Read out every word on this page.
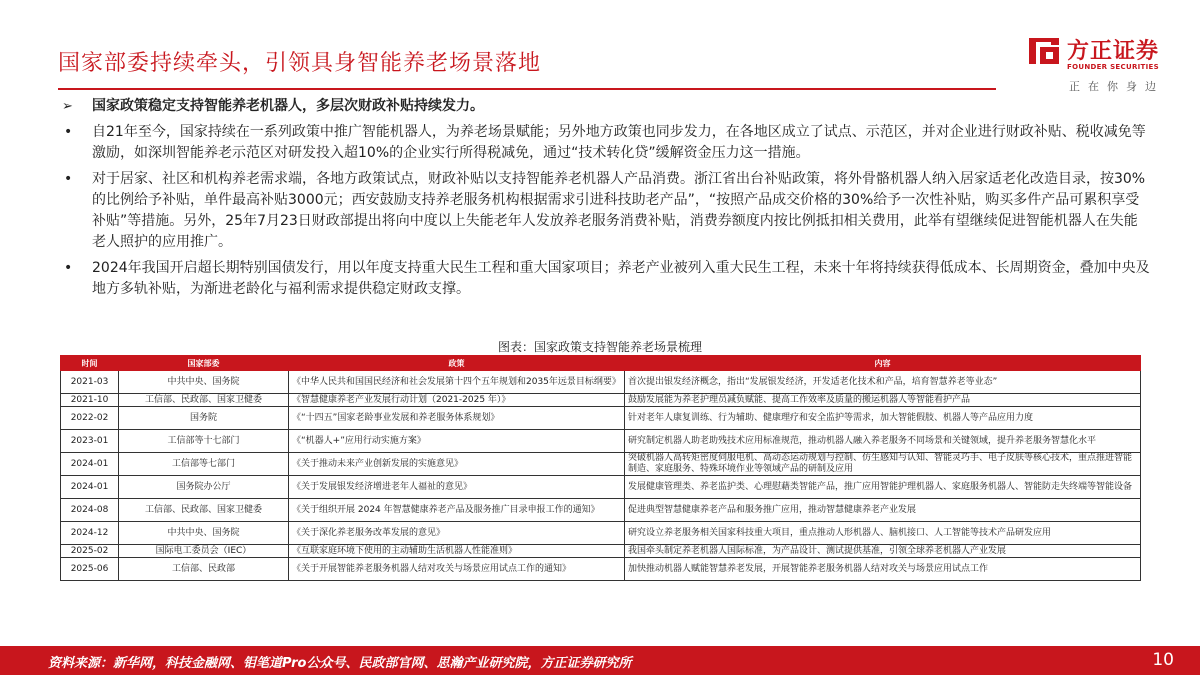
国家部委持续牵头，引领具身智能养老场景落地	方正证券
FOUNDER SECURITIES
正在你身边
➢ 国家政策稳定支持智能养老机器人，多层次财政补贴持续发力。
• 自21年至今，国家持续在一系列政策中推广智能机器人，为养老场景赋能；另外地方政策也同步发力，在各地区成立了试点、示范区，并对企业进行财政补贴、税收减免等激励，如深圳智能养老示范区对研发投入超10%的企业实行所得税减免，通过“技术转化贷”缓解资金压力这一措施。
• 对于居家、社区和机构养老需求端，各地方政策试点，财政补贴以支持智能养老机器人产品消费。浙江省出台补贴政策，将外骨骼机器人纳入居家适老化改造目录，按30%的比例给予补贴，单件最高补贴3000元；西安鼓励支持养老服务机构根据需求引进科技助老产品”，“按照产品成交价格的30%给予一次性补贴，购买多件产品可累积享受补贴”等措施。另外，25年7月23日财政部提出将向中度以上失能老年人发放养老服务消费补贴，消费券额度内按比例抵扣相关费用，此举有望继续促进智能机器人在失能老人照护的应用推广。
• 2024年我国开启超长期特别国债发行，用以年度支持重大民生工程和重大国家项目；养老产业被列入重大民生工程，未来十年将持续获得低成本、长周期资金，叠加中央及地方多轨补贴，为渐进老龄化与福利需求提供稳定财政支撑。
图表：国家政策支持智能养老场景梳理
时间	国家部委	政策	内容
2021-03	中共中央、国务院	《中华人民共和国国民经济和社会发展第十四个五年规划和2035年远景目标纲要》	首次提出银发经济概念，指出“发展银发经济，开发适老化技术和产品，培育智慧养老等业态”
2021-10	工信部、民政部、国家卫健委	《智慧健康养老产业发展行动计划（2021-2025 年）》	鼓励发展能为养老护理员减负赋能、提高工作效率及质量的搬运机器人等智能看护产品
2022-02	国务院	《“十四五”国家老龄事业发展和养老服务体系规划》	针对老年人康复训练、行为辅助、健康理疗和安全监护等需求，加大智能假肢、机器人等产品应用力度
2023-01	工信部等十七部门	《“机器人+”应用行动实施方案》	研究制定机器人助老助残技术应用标准规范，推动机器人融入养老服务不同场景和关键领域，提升养老服务智慧化水平
2024-01	工信部等七部门	《关于推动未来产业创新发展的实施意见》	突破机器人高转矩密度伺服电机、高动态运动规划与控制、仿生感知与认知、智能灵巧手、电子皮肤等核心技术，重点推进智能制造、家庭服务、特殊环境作业等领域产品的研制及应用
2024-01	国务院办公厅	《关于发展银发经济增进老年人福祉的意见》	发展健康管理类、养老监护类、心理慰藉类智能产品，推广应用智能护理机器人、家庭服务机器人、智能防走失终端等智能设备
2024-08	工信部、民政部、国家卫健委	《关于组织开展 2024 年智慧健康养老产品及服务推广目录申报工作的通知》	促进典型智慧健康养老产品和服务推广应用，推动智慧健康养老产业发展
2024-12	中共中央、国务院	《关于深化养老服务改革发展的意见》	研究设立养老服务相关国家科技重大项目，重点推动人形机器人、脑机接口、人工智能等技术产品研发应用
2025-02	国际电工委员会（IEC）	《互联家庭环境下使用的主动辅助生活机器人性能准则》	我国牵头制定养老机器人国际标准，为产品设计、测试提供基准，引领全球养老机器人产业发展
2025-06	工信部、民政部	《关于开展智能养老服务机器人结对攻关与场景应用试点工作的通知》	加快推动机器人赋能智慧养老发展，开展智能养老服务机器人结对攻关与场景应用试点工作
资料来源：新华网，科技金融网、钼笔道Pro公众号、民政部官网、思瀚产业研究院，方正证券研究所	10
